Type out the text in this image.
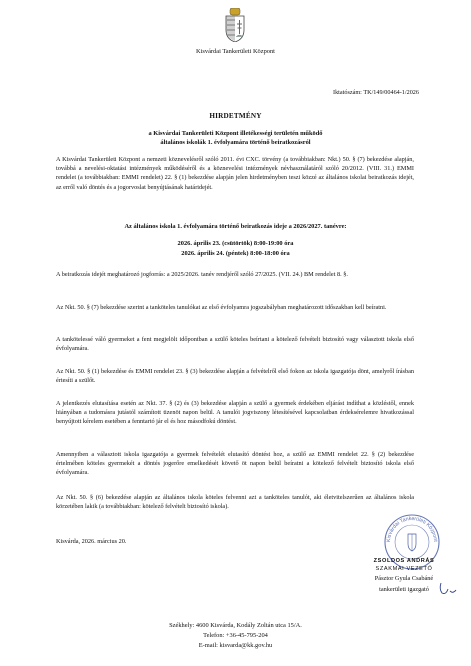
Kisvárdai Tankerületi Központ
Iktatószám: TK/149/00464-1/2026
HIRDETMÉNY
a Kisvárdai Tankerületi Központ illetékességi területén működő
általános iskolák 1. évfolyamára történő beiratkozásról
A Kisvárdai Tankerületi Központ a nemzeti köznevelésről szóló 2011. évi CXC. törvény (a továbbiakban: Nkt.) 50. § (7) bekezdése alapján, továbbá a nevelési-oktatási intézmények működéséről és a köznevelési intézmények névhasználatáról szóló 20/2012. (VIII. 31.) EMMI rendelet (a továbbiakban: EMMI rendelet) 22. § (1) bekezdése alapján jelen hirdetményben teszi közzé az általános iskolai beiratkozás idejét, az erről való döntés és a jogorvoslat benyújtásának határidejét.
Az általános iskola 1. évfolyamára történő beiratkozás ideje a 2026/2027. tanévre:
2026. április 23. (csütörtök) 8:00-19:00 óra
2026. április 24. (péntek) 8:00-18:00 óra
A beiratkozás idejét meghatározó jogforrás: a 2025/2026. tanév rendjéről szóló 27/2025. (VII. 24.) BM rendelet 8. §.
Az Nkt. 50. § (7) bekezdése szerint a tanköteles tanulókat az első évfolyamra jogszabályban meghatározott időszakban kell beíratni.
A tankötelessé váló gyermeket a fent megjelölt időpontban a szülő köteles beírtani a kötelező felvételt biztosító vagy választott iskola első évfolyamára.
Az Nkt. 50. § (1) bekezdése és EMMI rendelet 23. § (3) bekezdése alapján a felvételről első fokon az iskola igazgatója dönt, amelyről írásban értesíti a szülőt.
A jelentkezés elutasítása esetén az Nkt. 37. § (2) és (3) bekezdése alapján a szülő a gyermek érdekében eljárást indíthat a közléstől, ennek hiányában a tudomásra jutástól számított tizenöt napon belül. A tanulói jogviszony létesítésével kapcsolatban érdeksérelemre hivatkozással benyújtott kérelem esetében a fenntartó jár el és hoz másodfokú döntést.
Amennyiben a választott iskola igazgatója a gyermek felvételét elutasító döntést hoz, a szülő az EMMI rendelet 22. § (2) bekezdése értelmében köteles gyermekét a döntés jogerőre emelkedését követő öt napon belül beíratni a kötelező felvételt biztosító iskola első évfolyamára.
Az Nkt. 50. § (6) bekezdése alapján az általános iskola köteles felvenni azt a tanköteles tanulót, aki életvitelszerűen az általános iskola körzetében lakik (a továbbiakban: kötelező felvételt biztosító iskola).
Kisvárda, 2026. március 20.	Kisvárdai Tankerületi Központ
ZSOLDOS ANDRÁS
SZAKMAI VEZETŐ
Pásztor Gyula Csabáné
tankerületi igazgató
Székhely: 4600 Kisvárda, Kodály Zoltán utca 15/A.
Telefon: +36-45-795-204
E-mail: kisvarda@kk.gov.hu
